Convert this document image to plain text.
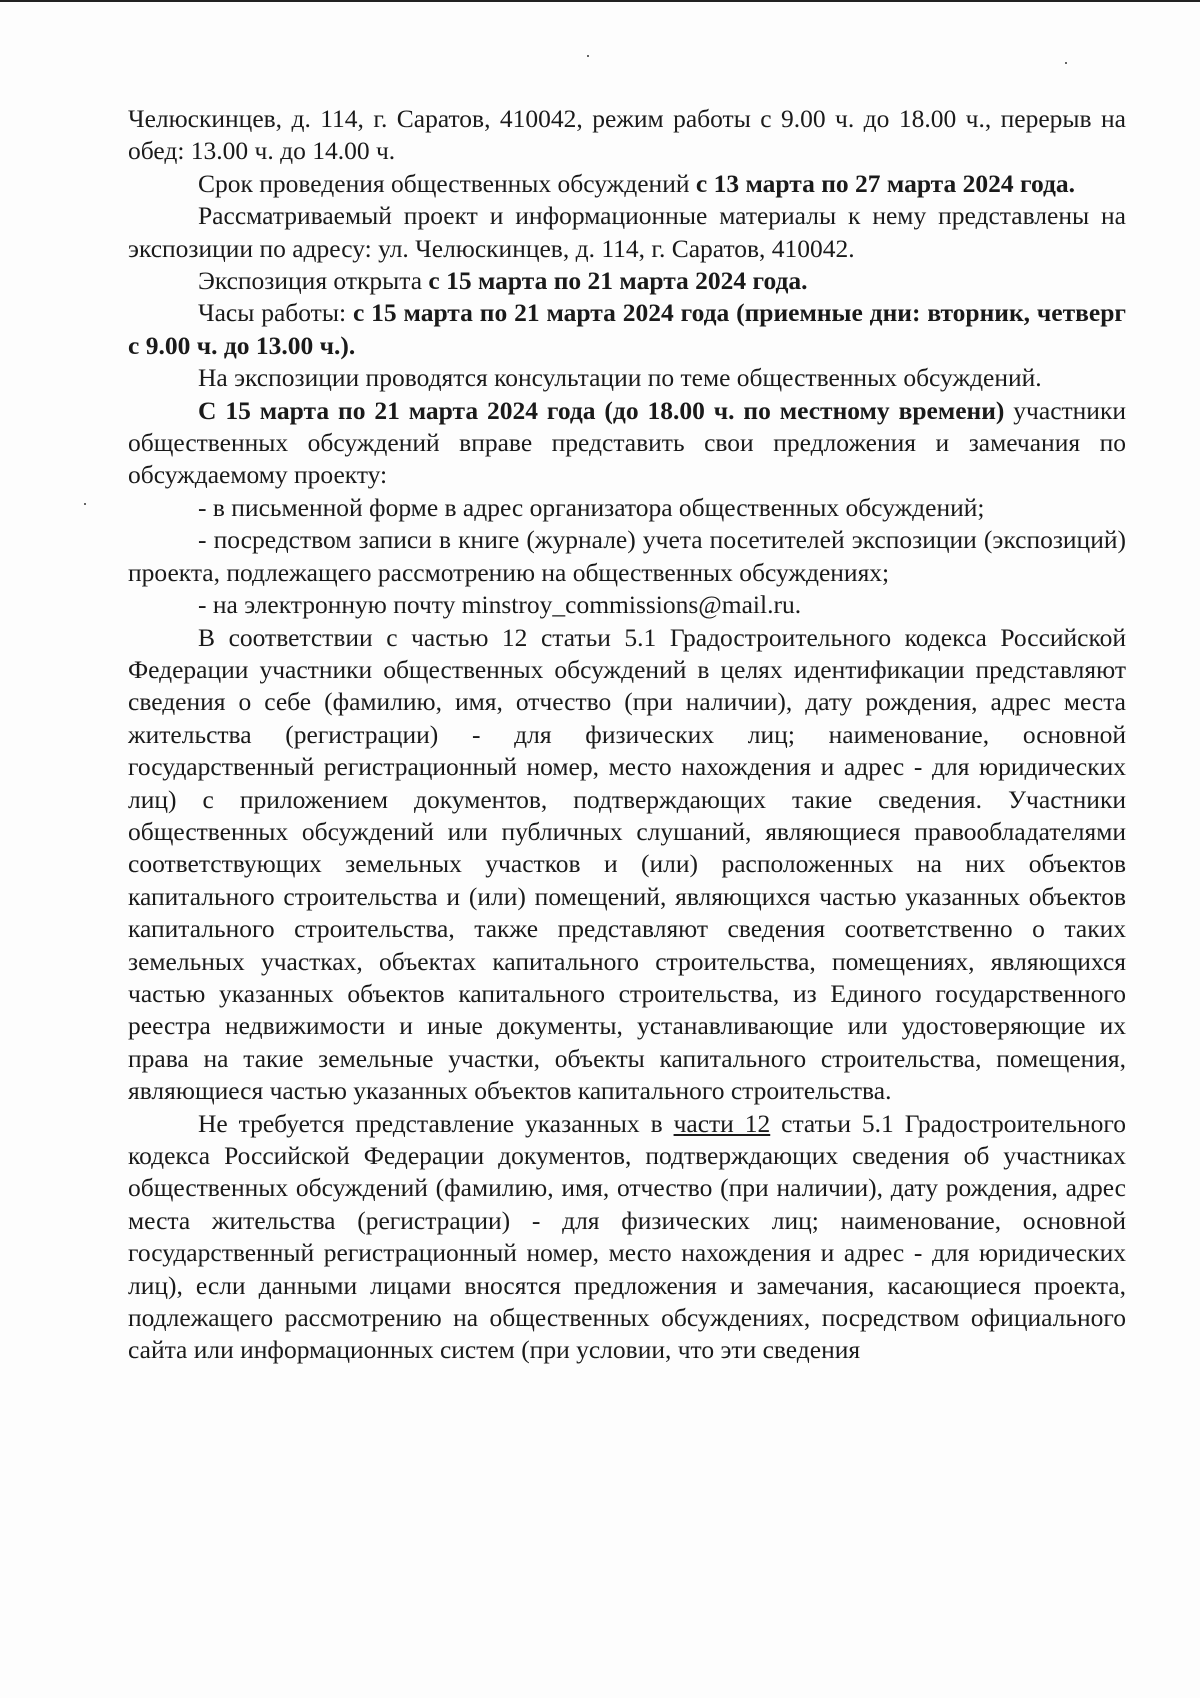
Челюскинцев, д. 114, г. Саратов, 410042, режим работы с 9.00 ч. до 18.00 ч., перерыв на обед: 13.00 ч. до 14.00 ч.

Срок проведения общественных обсуждений с 13 марта по 27 марта 2024 года.

Рассматриваемый проект и информационные материалы к нему представлены на экспозиции по адресу: ул. Челюскинцев, д. 114, г. Саратов, 410042.

Экспозиция открыта с 15 марта по 21 марта 2024 года.

Часы работы: с 15 марта по 21 марта 2024 года (приемные дни: вторник, четверг с 9.00 ч. до 13.00 ч.).

На экспозиции проводятся консультации по теме общественных обсуждений.

С 15 марта по 21 марта 2024 года (до 18.00 ч. по местному времени) участники общественных обсуждений вправе представить свои предложения и замечания по обсуждаемому проекту:

- в письменной форме в адрес организатора общественных обсуждений;

- посредством записи в книге (журнале) учета посетителей экспозиции (экспозиций) проекта, подлежащего рассмотрению на общественных обсуждениях;

- на электронную почту minstroy_commissions@mail.ru.

В соответствии с частью 12 статьи 5.1 Градостроительного кодекса Российской Федерации участники общественных обсуждений в целях идентификации представляют сведения о себе (фамилию, имя, отчество (при наличии), дату рождения, адрес места жительства (регистрации) - для физических лиц; наименование, основной государственный регистрационный номер, место нахождения и адрес - для юридических лиц) с приложением документов, подтверждающих такие сведения. Участники общественных обсуждений или публичных слушаний, являющиеся правообладателями соответствующих земельных участков и (или) расположенных на них объектов капитального строительства и (или) помещений, являющихся частью указанных объектов капитального строительства, также представляют сведения соответственно о таких земельных участках, объектах капитального строительства, помещениях, являющихся частью указанных объектов капитального строительства, из Единого государственного реестра недвижимости и иные документы, устанавливающие или удостоверяющие их права на такие земельные участки, объекты капитального строительства, помещения, являющиеся частью указанных объектов капитального строительства.

Не требуется представление указанных в части 12 статьи 5.1 Градостроительного кодекса Российской Федерации документов, подтверждающих сведения об участниках общественных обсуждений (фамилию, имя, отчество (при наличии), дату рождения, адрес места жительства (регистрации) - для физических лиц; наименование, основной государственный регистрационный номер, место нахождения и адрес - для юридических лиц), если данными лицами вносятся предложения и замечания, касающиеся проекта, подлежащего рассмотрению на общественных обсуждениях, посредством официального сайта или информационных систем (при условии, что эти сведения
